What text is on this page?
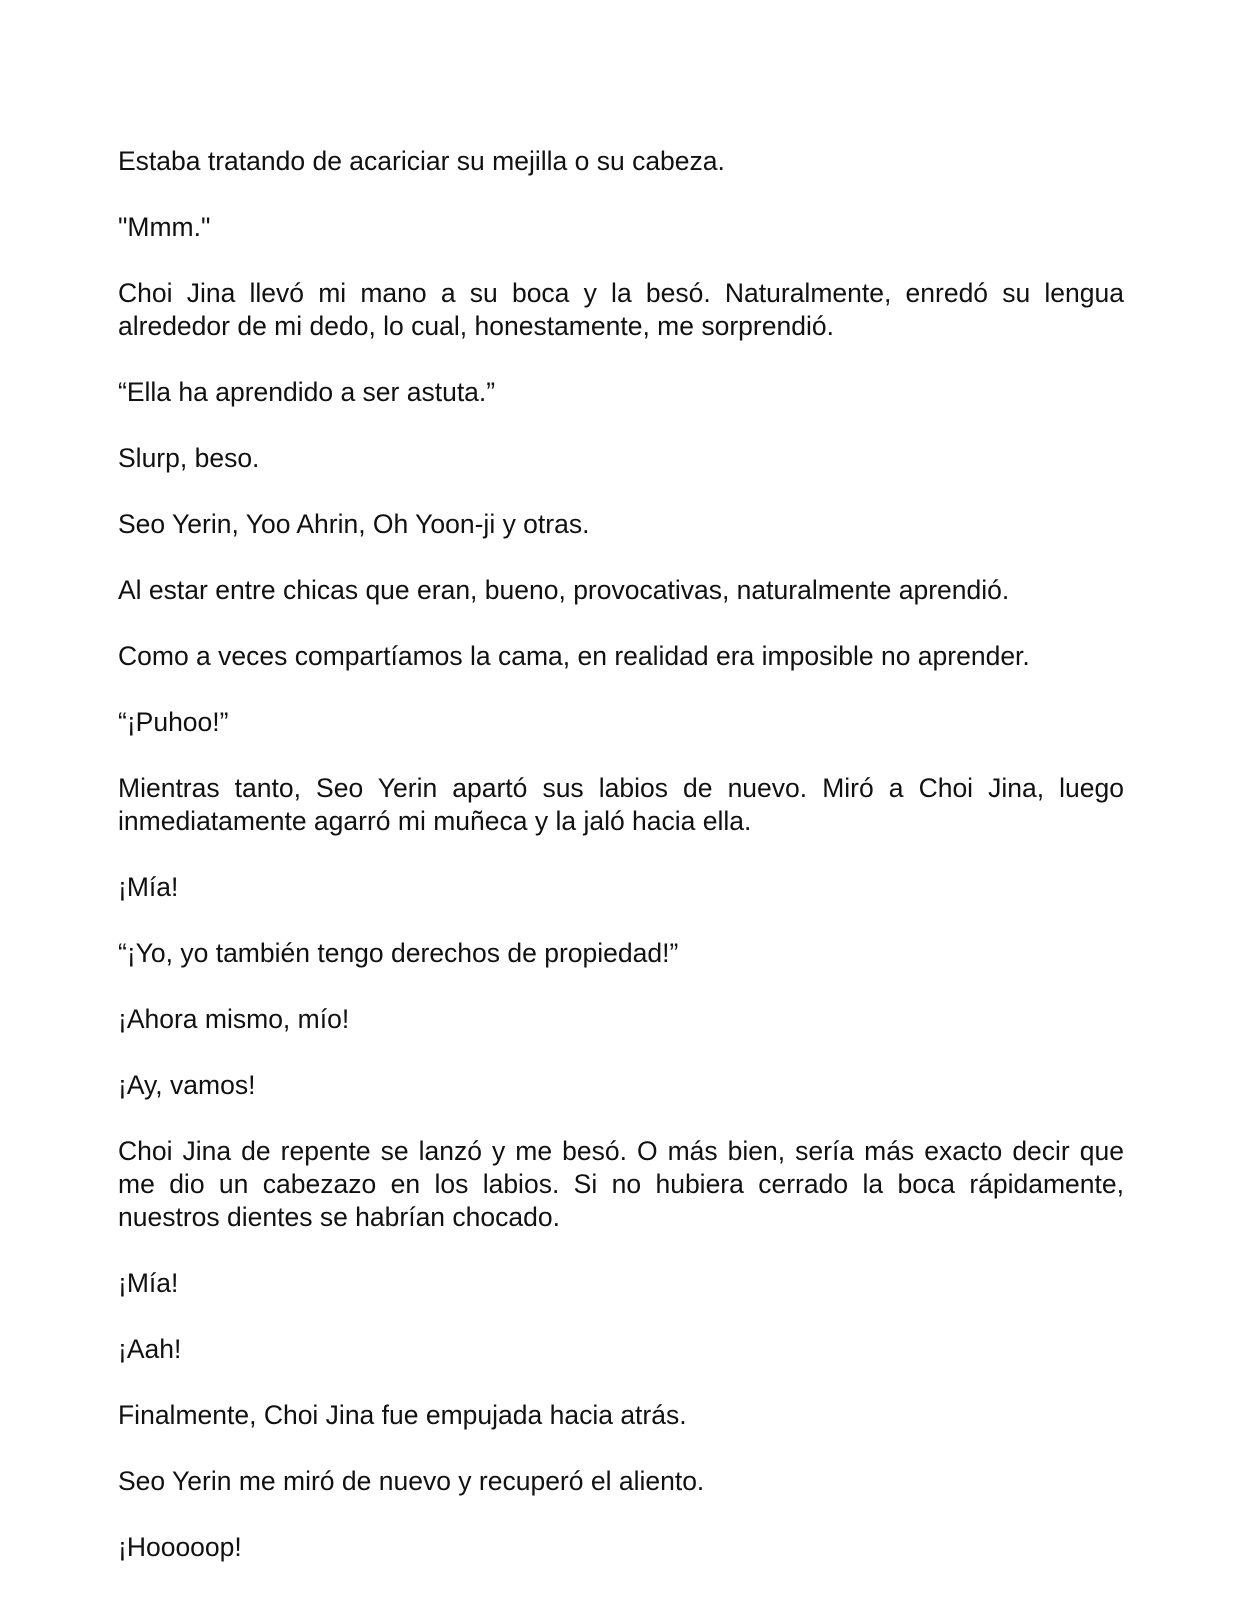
Estaba tratando de acariciar su mejilla o su cabeza.

"Mmm."

Choi Jina llevó mi mano a su boca y la besó. Naturalmente, enredó su lengua alrededor de mi dedo, lo cual, honestamente, me sorprendió.

“Ella ha aprendido a ser astuta.”

Slurp, beso.

Seo Yerin, Yoo Ahrin, Oh Yoon-ji y otras.

Al estar entre chicas que eran, bueno, provocativas, naturalmente aprendió.

Como a veces compartíamos la cama, en realidad era imposible no aprender.

“¡Puhoo!”

Mientras tanto, Seo Yerin apartó sus labios de nuevo. Miró a Choi Jina, luego inmediatamente agarró mi muñeca y la jaló hacia ella.

¡Mía!

“¡Yo, yo también tengo derechos de propiedad!”

¡Ahora mismo, mío!

¡Ay, vamos!

Choi Jina de repente se lanzó y me besó. O más bien, sería más exacto decir que me dio un cabezazo en los labios. Si no hubiera cerrado la boca rápidamente, nuestros dientes se habrían chocado.

¡Mía!

¡Aah!

Finalmente, Choi Jina fue empujada hacia atrás.

Seo Yerin me miró de nuevo y recuperó el aliento.

¡Hooooop!
